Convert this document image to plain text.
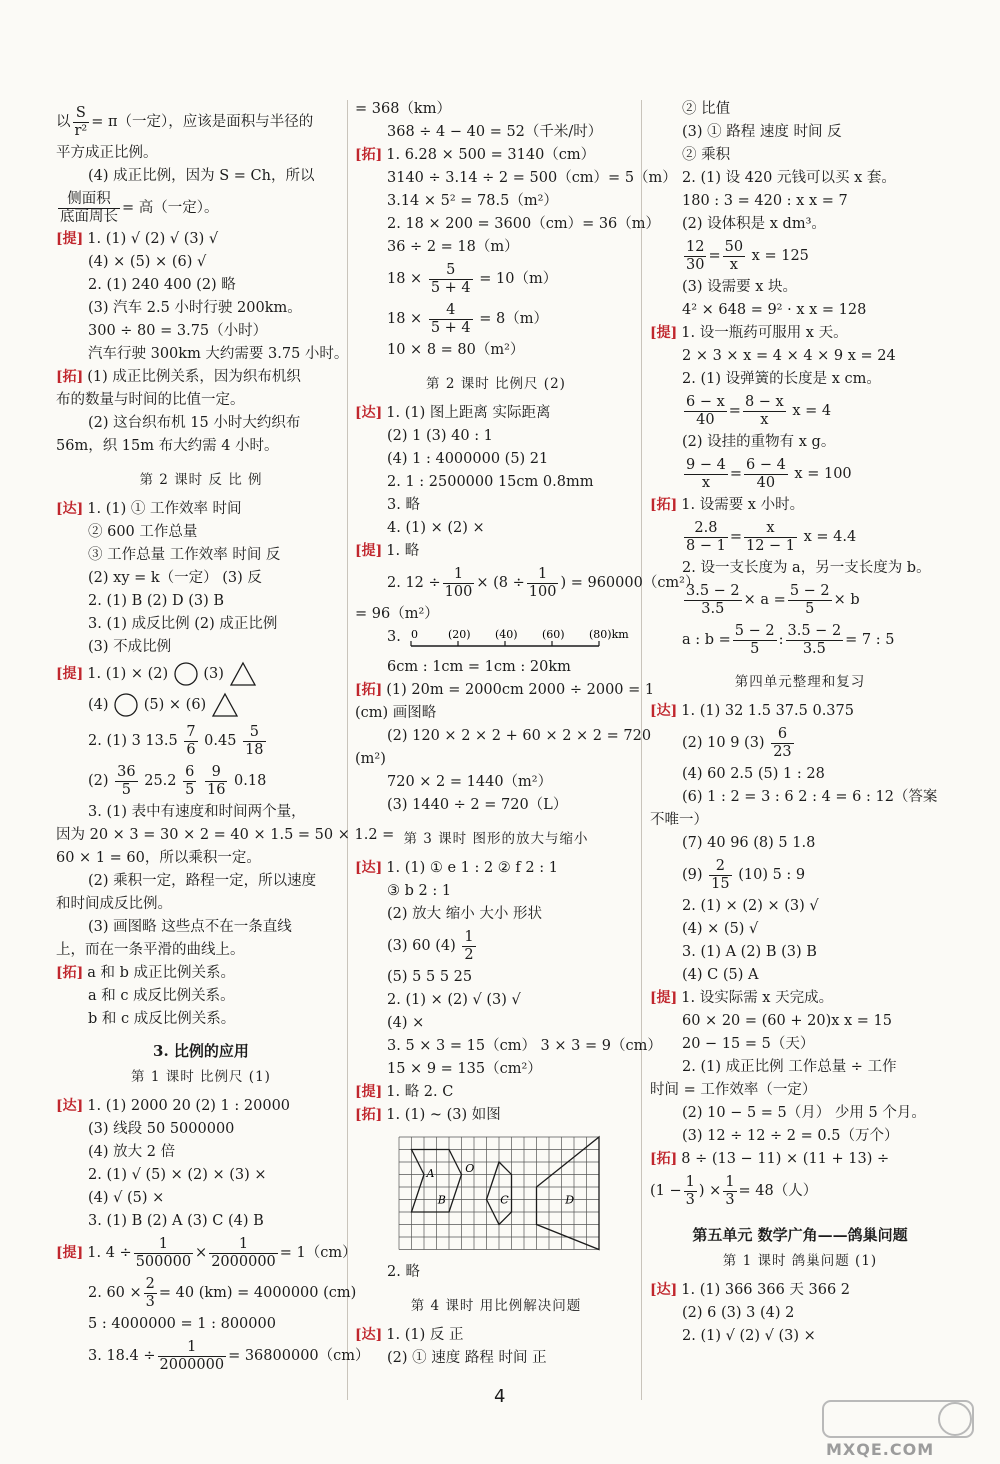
以 $\frac{S}{\text{r²}} = \pi$（一定），应该是面积与半径的
平方成正比例。
(4) 成正比例，因为 S = Ch，所以
$\frac{\text{侧面积}}{\text{底面周长}}$ = 高（一定）。
[ 提 ] 1. (1) √ (2) √ (3) √
(4) × (5) × (6) √
2. (1) 240 400 (2) 略
(3) 汽车 2.5 小时行驶 200km。
300 ÷ 80 = 3.75（小时）
汽车行驶 300km 大约需要 3.75 小时。
[ 拓 ] (1) 成正比例关系，因为织布机织
布的数量与时间的比值一定。
(2) 这台织布机 15 小时大约织布
56m，织 15m 布大约需 4 小时。
第 2 课时 反 比 例
[ 达 ] 1. (1) ① 工作效率 时间
② 600 工作总量
③ 工作总量 工作效率 时间 反
(2) xy = k（一定） (3) 反
2. (1) B (2) D (3) B
3. (1) 成反比例 (2) 成正比例
(3) 不成比例
[ 提 ] 1. (1) × (2) (3)
(4) (5) × (6)
2. (1) 3 $13.5 \frac{7}{6} 0.45 \frac{5}{18}$
$(2) \frac{36}{5} 25.2 \frac{6}{5}$
$\frac{9}{16} 0.18$
3. (1) 表中有速度和时间两个量，
因为 20 × 3 = 30 × 2 = 40 × 1.5 = 50 × 1.2 =
60 × 1 = 60，所以乘积一定。
(2) 乘积一定，路程一定，所以速度
和时间成反比例。
(3) 画图略 这些点不在一条直线
上，而在一条平滑的曲线上。
[ 拓 ] a 和 b 成正比例关系。
a 和 c 成反比例关系。
b 和 c 成反比例关系。
3. 比例的应用
第 1 课时 比例尺 (1)
[ 达 ] 1. (1) 2000 20 (2) 1 : 20000
(3) 线段 50 5000000
(4) 放大 2 倍
2. (1) √ (5) × (2) × (3) ×
(4) √ (5) ×
3. (1) B (2) A (3) C (4) B
[ 提 ] 1. $4 \div \frac{1}{500000} \times \frac{1}{2000000} = 1(cm)$
2. $60 \times \frac{2}{3} = 40$ (km) = 4000000 (cm)
5 : 4000000 = 1 : 800000
3. $18.4 \div \frac{1}{2000000} = 36800000(cm)$
= 368（km）
368 ÷ 4 − 40 = 52（千米/时）
[ 拓 ] 1. 6.28 × 500 = 3140（cm）
3140 ÷ 3.14 ÷ 2 = 500（cm）= 5（m）
3.14 × 5² = 78.5（m²）
2. 18 × 200 = 3600（cm）= 36（m）
36 ÷ 2 = 18（m）
$18 \times \frac{5}{5 + 4} = 10(m)$
$18 \times \frac{4}{5 + 4} = 8(m)$
10 × 8 = 80（m²）
第 2 课时 比例尺 (2)
[ 达 ] 1. (1) 图上距离 实际距离
(2) 1 (3) 40 : 1
(4) 1 : 4000000 (5) 21
2. 1 : 2500000 15cm 0.8mm
3. 略
4. (1) × (2) ×
[ 提 ] 1. 略
2. $12 \div \frac{1}{100} \times (8 \div \frac{1}{100}$ ) = 960000（cm²）
= 96（m²）
3. 0	(20) (40) (60) (80)km
6cm : 1cm = 1cm : 20km
[ 拓 ] (1) 20m = 2000cm 2000 ÷ 2000 = 1
(cm) 画图略
(2) 120 × 2 × 2 + 60 × 2 × 2 = 720
(m²)
720 × 2 = 1440（m²）
(3) 1440 ÷ 2 = 720（L）
第 3 课时 图形的放大与缩小
[ 达 ] 1. (1) ① e 1 : 2 ② f 2 : 1
③ b 2 : 1
(2) 放大 缩小 大小 形状
(3) 60 $(4) \frac{1}{2}$
(5) 5 5 5 25
2. (1) × (2) √ (3) √
(4) ×
3. 5 × 3 = 15（cm） 3 × 3 = 9（cm）
15 × 9 = 135（cm²）
[ 提 ] 1. 略 2. C
[ 拓 ] 1. (1) ~ (3) 如图
A	O
B	C	D
2. 略
第 4 课时 用比例解决问题
[ 达 ] 1. (1) 反 正
(2) ① 速度 路程 时间 正
② 比值
(3) ① 路程 速度 时间 反
② 乘积
2. (1) 设 420 元钱可以买 x 套。
180 : 3 = 420 : x x = 7
(2) 设体积是 x dm³。
$\frac{12}{30} = \frac{50}{x}$ x = 125
(3) 设需要 x 块。
4² × 648 = 9² · x x = 128
[ 提 ] 1. 设一瓶药可服用 x 天。
2 × 3 × x = 4 × 4 × 9 x = 24
2. (1) 设弹簧的长度是 x cm。
$\frac{6 - x}{40} = \frac{8 - x}{x}$ x = 4
(2) 设挂的重物有 x g。
$\frac{9 - 4}{x} = \frac{6 - 4}{40}$ x = 100
[ 拓 ] 1. 设需要 x 小时。
$\frac{2.8}{8 - 1} = \frac{x}{12 - 1}$ x = 4.4
2. 设一支长度为 a，另一支长度为 b。
$\frac{3.5 - 2}{3.5} \times a = \frac{5 - 2}{5} \times b$
a : $b = \frac{5 - 2}{5}$ : $\frac{3.5 - 2}{3.5} = 7$ : 5
第四单元整理和复习
[ 达 ] 1. (1) 32 1.5 37.5 0.375
(2) 10 9 $(3) \frac{6}{23}$
(4) 60 2.5 (5) 1 : 28
(6) 1 : 2 = 3 : 6 2 : 4 = 6 : 12（答案
不唯一）
(7) 40 96 (8) 5 1.8
$(9) \frac{2}{15} (10)$ 5 : 9
2. (1) × (2) × (3) √
(4) × (5) √
3. (1) A (2) B (3) B
(4) C (5) A
[ 提 ] 1. 设实际需 x 天完成。
60 × 20 = (60 + 20)x x = 15
20 − 15 = 5（天）
2. (1) 成正比例 工作总量 ÷ 工作
时间 = 工作效率（一定）
(2) 10 − 5 = 5（月） 少用 5 个月。
(3) 12 ÷ 12 ÷ 2 = 0.5（万个）
[ 拓 ] 8 ÷ (13 − 11) × (11 + 13) ÷
($1 - \frac{1}{3}$ ) × $\frac{1}{3} = 48$（人）
第五单元 数学广角——鸽巢问题
第 1 课时 鸽巢问题 (1)
[ 达 ] 1. (1) 366 366 天 366 2
(2) 6 (3) 3 (4) 2
2. (1) √ (2) √ (3) ×
4
MXQE.COM
